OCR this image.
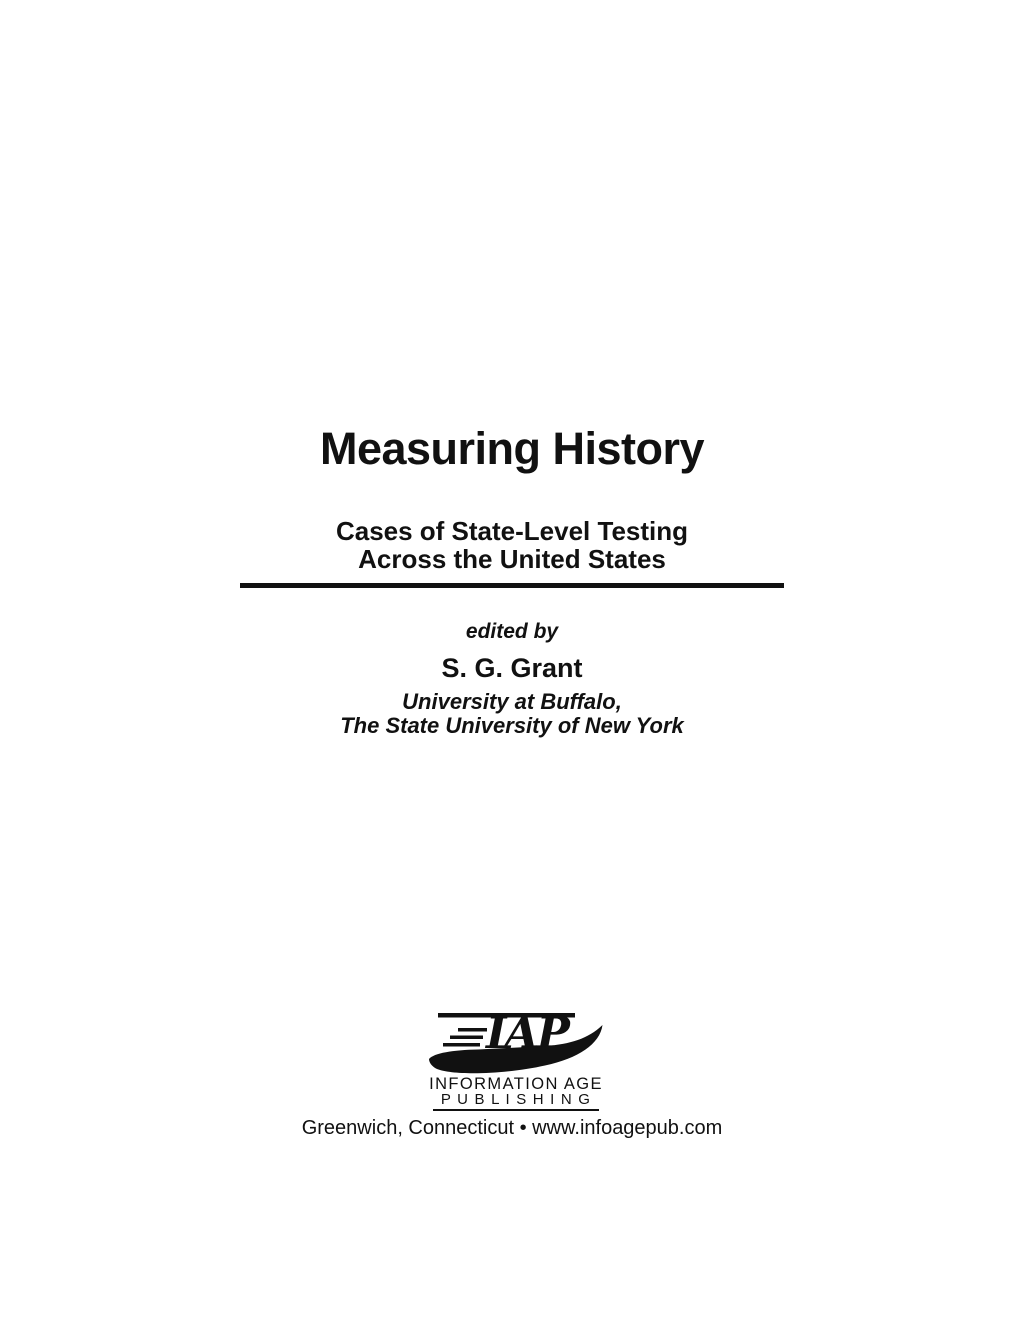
Measuring History
Cases of State-Level Testing
Across the United States
edited by
S. G. Grant
University at Buffalo,
The State University of New York
IAP
INFORMATION AGE
P U B L I S H I N G
Greenwich, Connecticut • www.infoagepub.com
